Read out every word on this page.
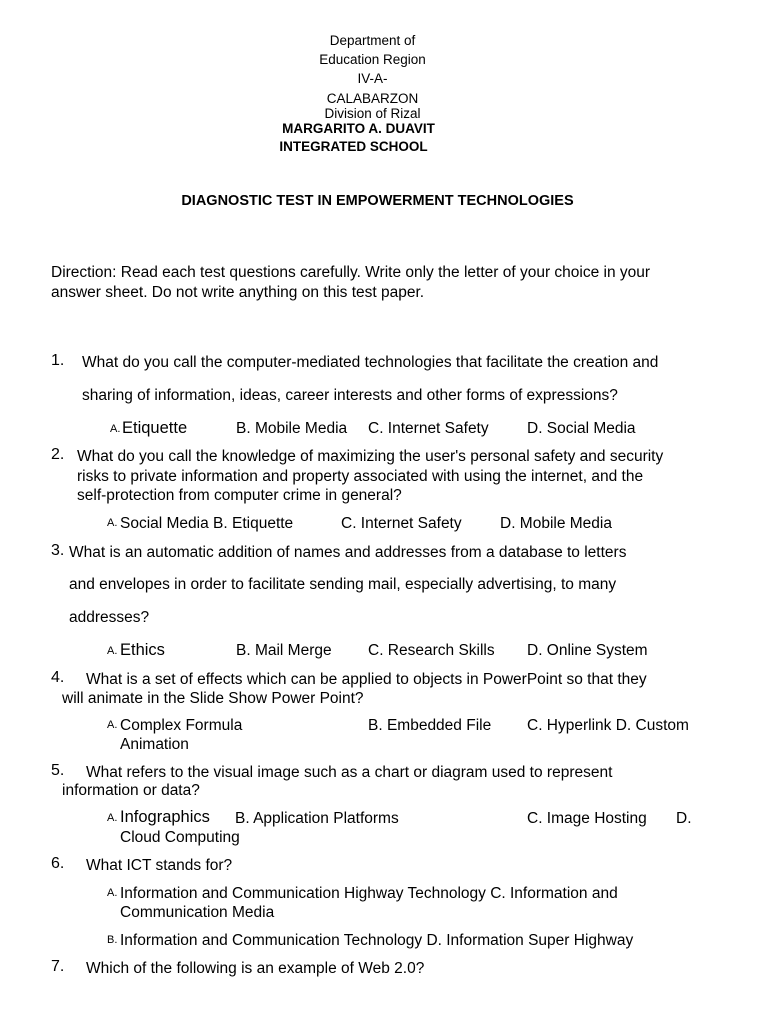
Department of
Education Region
IV-A-
CALABARZON
Division of Rizal
MARGARITO A. DUAVIT
INTEGRATED SCHOOL
DIAGNOSTIC TEST IN EMPOWERMENT TECHNOLOGIES
Direction: Read each test questions carefully. Write only the letter of your choice in your
answer sheet. Do not write anything on this test paper.
1. What do you call the computer-mediated technologies that facilitate the creation and
sharing of information, ideas, career interests and other forms of expressions?
A. Etiquette	B. Mobile Media C. Internet Safety D. Social Media
2. What do you call the knowledge of maximizing the user's personal safety and security
risks to private information and property associated with using the internet, and the
self-protection from computer crime in general?
A. Social Media B. Etiquette	C. Internet Safety D. Mobile Media
3. What is an automatic addition of names and addresses from a database to letters
and envelopes in order to facilitate sending mail, especially advertising, to many
addresses?
A. Ethics	B. Mail Merge C. Research Skills D. Online System
4. What is a set of effects which can be applied to objects in PowerPoint so that they
will animate in the Slide Show Power Point?
A. Complex Formula	B. Embedded File C. Hyperlink D. Custom
Animation
5. What refers to the visual image such as a chart or diagram used to represent
information or data?
A. Infographics B. Application Platforms	C. Image Hosting D.
Cloud Computing
6. What ICT stands for?
A. Information and Communication Highway Technology C. Information and
Communication Media
B. Information and Communication Technology D. Information Super Highway
7. Which of the following is an example of Web 2.0?
